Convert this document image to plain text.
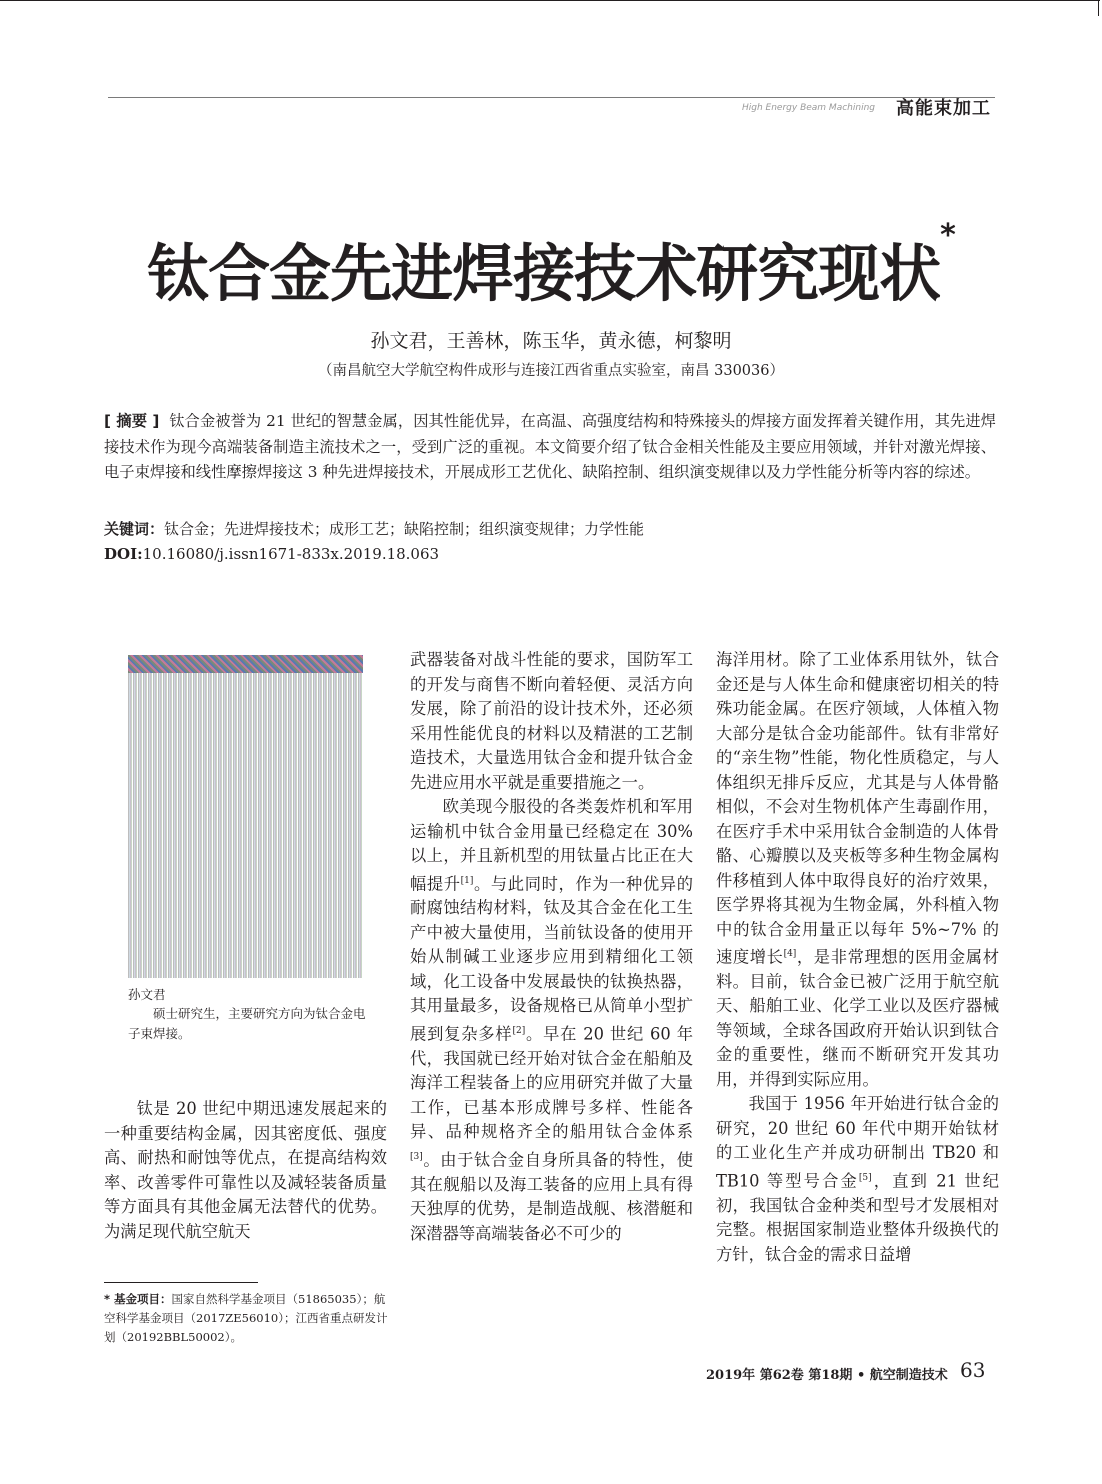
High Energy Beam Machining 高能束加工
钛合金先进焊接技术研究现状*
孙文君，王善林，陈玉华，黄永德，柯黎明
（南昌航空大学航空构件成形与连接江西省重点实验室，南昌 330036）
[ 摘要 ] 钛合金被誉为 21 世纪的智慧金属，因其性能优异，在高温、高强度结构和特殊接头的焊接方面发挥着关键作用，其先进焊接技术作为现今高端装备制造主流技术之一，受到广泛的重视。本文简要介绍了钛合金相关性能及主要应用领域，并针对激光焊接、电子束焊接和线性摩擦焊接这 3 种先进焊接技术，开展成形工艺优化、缺陷控制、组织演变规律以及力学性能分析等内容的综述。
关键词：钛合金；先进焊接技术；成形工艺；缺陷控制；组织演变规律；力学性能
DOI:10.16080/j.issn1671-833x.2019.18.063
孙文君
硕士研究生，主要研究方向为钛合金电子束焊接。

钛是 20 世纪中期迅速发展起来的一种重要结构金属，因其密度低、强度高、耐热和耐蚀等优点，在提高结构效率、改善零件可靠性以及减轻装备质量等方面具有其他金属无法替代的优势。为满足现代航空航天

武器装备对战斗性能的要求，国防军工的开发与商售不断向着轻便、灵活方向发展，除了前沿的设计技术外，还必须采用性能优良的材料以及精湛的工艺制造技术，大量选用钛合金和提升钛合金先进应用水平就是重要措施之一。

欧美现今服役的各类轰炸机和军用运输机中钛合金用量已经稳定在 30% 以上，并且新机型的用钛量占比正在大幅提升[1]。与此同时，作为一种优异的耐腐蚀结构材料，钛及其合金在化工生产中被大量使用，当前钛设备的使用开始从制碱工业逐步应用到精细化工领域，化工设备中发展最快的钛换热器，其用量最多，设备规格已从简单小型扩展到复杂多样[2]。早在 20 世纪 60 年代，我国就已经开始对钛合金在船舶及海洋工程装备上的应用研究并做了大量工作，已基本形成牌号多样、性能各异、品种规格齐全的船用钛合金体系[3]。由于钛合金自身所具备的特性，使其在舰船以及海工装备的应用上具有得天独厚的优势，是制造战舰、核潜艇和深潜器等高端装备必不可少的

海洋用材。除了工业体系用钛外，钛合金还是与人体生命和健康密切相关的特殊功能金属。在医疗领域，人体植入物大部分是钛合金功能部件。钛有非常好的“亲生物”性能，物化性质稳定，与人体组织无排斥反应，尤其是与人体骨骼相似，不会对生物机体产生毒副作用，在医疗手术中采用钛合金制造的人体骨骼、心瓣膜以及夹板等多种生物金属构件移植到人体中取得良好的治疗效果，医学界将其视为生物金属，外科植入物中的钛合金用量正以每年 5%~7% 的速度增长[4]，是非常理想的医用金属材料。目前，钛合金已被广泛用于航空航天、船舶工业、化学工业以及医疗器械等领域，全球各国政府开始认识到钛合金的重要性，继而不断研究开发其功用，并得到实际应用。

我国于 1956 年开始进行钛合金的研究，20 世纪 60 年代中期开始钛材的工业化生产并成功研制出 TB20 和 TB10 等型号合金[5]，直到 21 世纪初，我国钛合金种类和型号才发展相对完整。根据国家制造业整体升级换代的方针，钛合金的需求日益增

* 基金项目：国家自然科学基金项目（51865035）；航空科学基金项目（2017ZE56010）；江西省重点研发计划（20192BBL50002）。
2019年 第62卷 第18期 • 航空制造技术 63
